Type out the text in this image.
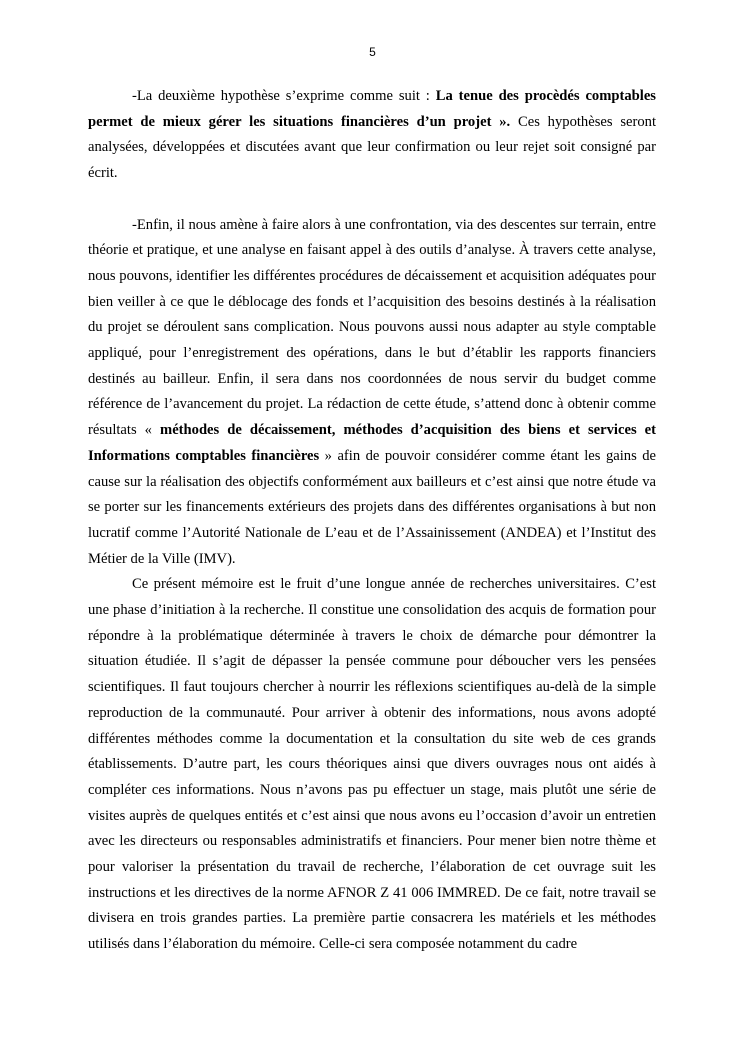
5

-La deuxième hypothèse s’exprime comme suit : La tenue des procèdés comptables permet de mieux gérer les situations financières d’un projet ». Ces hypothèses seront analysées, développées et discutées avant que leur confirmation ou leur rejet soit consigné par écrit.

-Enfin, il nous amène à faire alors à une confrontation, via des descentes sur terrain, entre théorie et pratique, et une analyse en faisant appel à des outils d’analyse. À travers cette analyse, nous pouvons, identifier les différentes procédures de décaissement et acquisition adéquates pour bien veiller à ce que le déblocage des fonds et l’acquisition des besoins destinés à la réalisation du projet se déroulent sans complication. Nous pouvons aussi nous adapter au style comptable appliqué, pour l’enregistrement des opérations, dans le but d’établir les rapports financiers destinés au bailleur. Enfin, il sera dans nos coordonnées de nous servir du budget comme référence de l’avancement du projet. La rédaction de cette étude, s’attend donc à obtenir comme résultats « méthodes de décaissement, méthodes d’acquisition des biens et services et Informations comptables financières » afin de pouvoir considérer comme étant les gains de cause sur la réalisation des objectifs conformément aux bailleurs et c’est ainsi que notre étude va se porter sur les financements extérieurs des projets dans des différentes organisations à but non lucratif comme l’Autorité Nationale de L’eau et de l’Assainissement (ANDEA) et l’Institut des Métier de la Ville (IMV).

Ce présent mémoire est le fruit d’une longue année de recherches universitaires. C’est une phase d’initiation à la recherche. Il constitue une consolidation des acquis de formation pour répondre à la problématique déterminée à travers le choix de démarche pour démontrer la situation étudiée. Il s’agit de dépasser la pensée commune pour déboucher vers les pensées scientifiques. Il faut toujours chercher à nourrir les réflexions scientifiques au-delà de la simple reproduction de la communauté. Pour arriver à obtenir des informations, nous avons adopté différentes méthodes comme la documentation et la consultation du site web de ces grands établissements. D’autre part, les cours théoriques ainsi que divers ouvrages nous ont aidés à compléter ces informations. Nous n’avons pas pu effectuer un stage, mais plutôt une série de visites auprès de quelques entités et c’est ainsi que nous avons eu l’occasion d’avoir un entretien avec les directeurs ou responsables administratifs et financiers. Pour mener bien notre thème et pour valoriser la présentation du travail de recherche, l’élaboration de cet ouvrage suit les instructions et les directives de la norme AFNOR Z 41 006 IMMRED. De ce fait, notre travail se divisera en trois grandes parties. La première partie consacrera les matériels et les méthodes utilisés dans l’élaboration du mémoire. Celle-ci sera composée notamment du cadre
